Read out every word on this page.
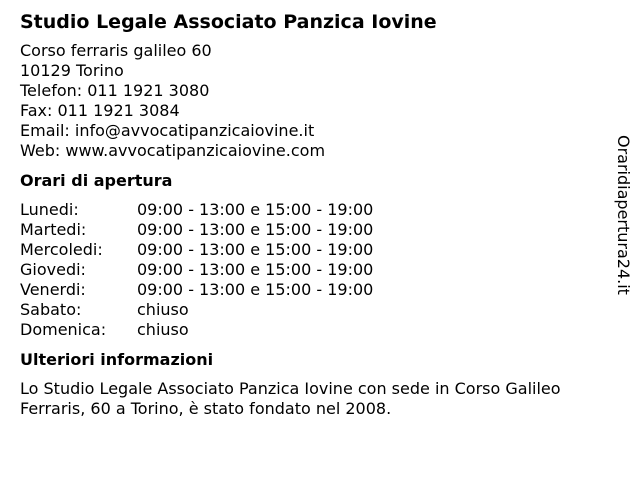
Studio Legale Associato Panzica Iovine
Corso ferraris galileo 60
10129 Torino
Telefon: 011 1921 3080
Fax: 011 1921 3084
Email: info@avvocatipanzicaiovine.it
Web: www.avvocatipanzicaiovine.com
Orari di apertura
Lunedi:	09:00 - 13:00 e 15:00 - 19:00
Martedi:	09:00 - 13:00 e 15:00 - 19:00
Mercoledi:	09:00 - 13:00 e 15:00 - 19:00
Giovedi:	09:00 - 13:00 e 15:00 - 19:00
Venerdi:	09:00 - 13:00 e 15:00 - 19:00
Sabato:	chiuso
Domenica:	chiuso
Ulteriori informazioni
Lo Studio Legale Associato Panzica Iovine con sede in Corso Galileo Ferraris, 60 a Torino, è stato fondato nel 2008.
Oraridiapertura24.it
